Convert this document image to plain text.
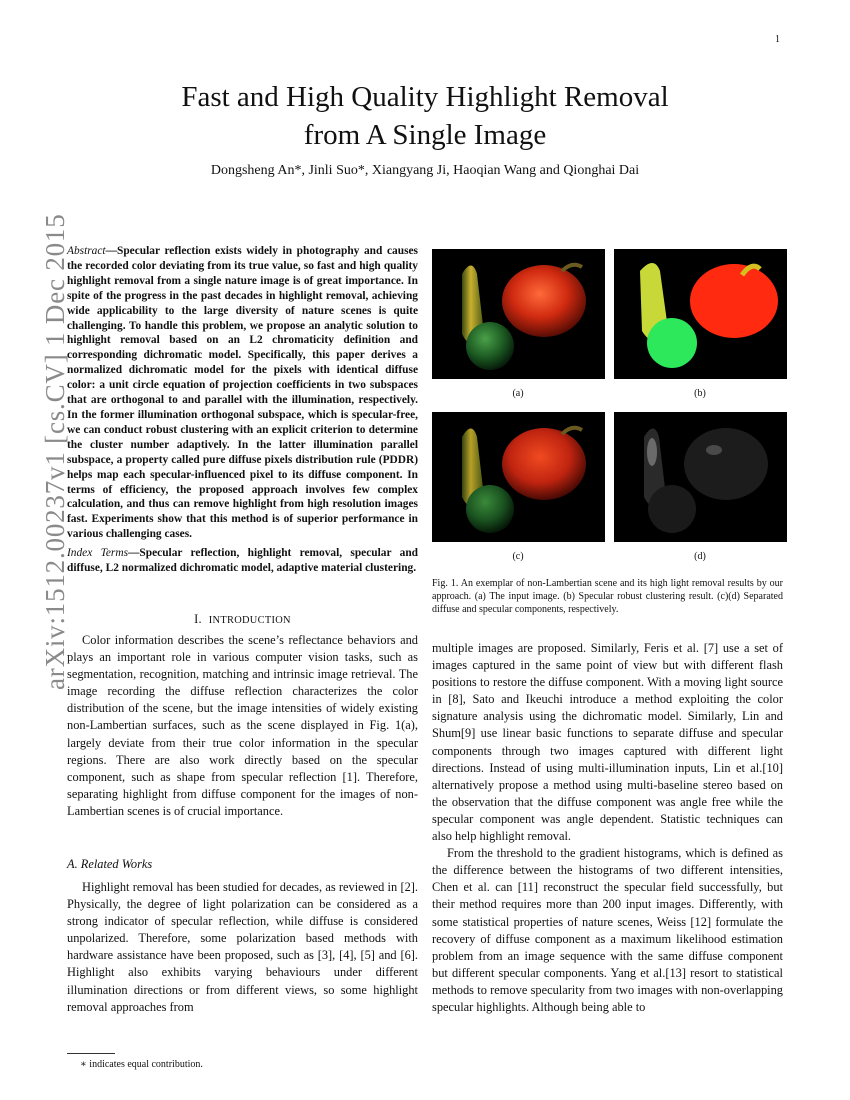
1
arXiv:1512.00237v1 [cs.CV] 1 Dec 2015
Fast and High Quality Highlight Removal
from A Single Image
Dongsheng An*, Jinli Suo*, Xiangyang Ji, Haoqian Wang and Qionghai Dai
Abstract—Specular reflection exists widely in photography and causes the recorded color deviating from its true value, so fast and high quality highlight removal from a single nature image is of great importance. In spite of the progress in the past decades in highlight removal, achieving wide applicability to the large diversity of nature scenes is quite challenging. To handle this problem, we propose an analytic solution to highlight removal based on an L2 chromaticity definition and corresponding dichromatic model. Specifically, this paper derives a normalized dichromatic model for the pixels with identical diffuse color: a unit circle equation of projection coefficients in two subspaces that are orthogonal to and parallel with the illumination, respectively. In the former illumination orthogonal subspace, which is specular-free, we can conduct robust clustering with an explicit criterion to determine the cluster number adaptively. In the latter illumination parallel subspace, a property called pure diffuse pixels distribution rule (PDDR) helps map each specular-influenced pixel to its diffuse component. In terms of efficiency, the proposed approach involves few complex calculation, and thus can remove highlight from high resolution images fast. Experiments show that this method is of superior performance in various challenging cases.
Index Terms—Specular reflection, highlight removal, specular and diffuse, L2 normalized dichromatic model, adaptive material clustering.
I. INTRODUCTION

Color information describes the scene’s reflectance behaviors and plays an important role in various computer vision tasks, such as segmentation, recognition, matching and intrinsic image retrieval. The image recording the diffuse reflection characterizes the color distribution of the scene, but the image intensities of widely existing non-Lambertian surfaces, such as the scene displayed in Fig. 1(a), largely deviate from their true color information in the specular regions. There are also work directly based on the specular component, such as shape from specular reflection [1]. Therefore, separating highlight from diffuse component for the images of non-Lambertian scenes is of crucial importance.

A. Related Works

Highlight removal has been studied for decades, as reviewed in [2]. Physically, the degree of light polarization can be considered as a strong indicator of specular reflection, while diffuse is considered unpolarized. Therefore, some polarization based methods with hardware assistance have been proposed, such as [3], [4], [5] and [6]. Highlight also exhibits varying behaviours under different illumination directions or from different views, so some highlight removal approaches from

∗ indicates equal contribution.
(a)	(b)
(c)	(d)
Fig. 1. An exemplar of non-Lambertian scene and its high light removal results by our approach. (a) The input image. (b) Specular robust clustering result. (c)(d) Separated diffuse and specular components, respectively.

multiple images are proposed. Similarly, Feris et al. [7] use a set of images captured in the same point of view but with different flash positions to restore the diffuse component. With a moving light source in [8], Sato and Ikeuchi introduce a method exploiting the color signature analysis using the dichromatic model. Similarly, Lin and Shum[9] use linear basic functions to separate diffuse and specular components through two images captured with different light directions. Instead of using multi-illumination inputs, Lin et al.[10] alternatively propose a method using multi-baseline stereo based on the observation that the diffuse component was angle free while the specular component was angle dependent. Statistic techniques can also help highlight removal.

From the threshold to the gradient histograms, which is defined as the difference between the histograms of two different intensities, Chen et al. can [11] reconstruct the specular field successfully, but their method requires more than 200 input images. Differently, with some statistical properties of nature scenes, Weiss [12] formulate the recovery of diffuse component as a maximum likelihood estimation problem from an image sequence with the same diffuse component but different specular components. Yang et al.[13] resort to statistical methods to remove specularity from two images with non-overlapping specular highlights. Although being able to
